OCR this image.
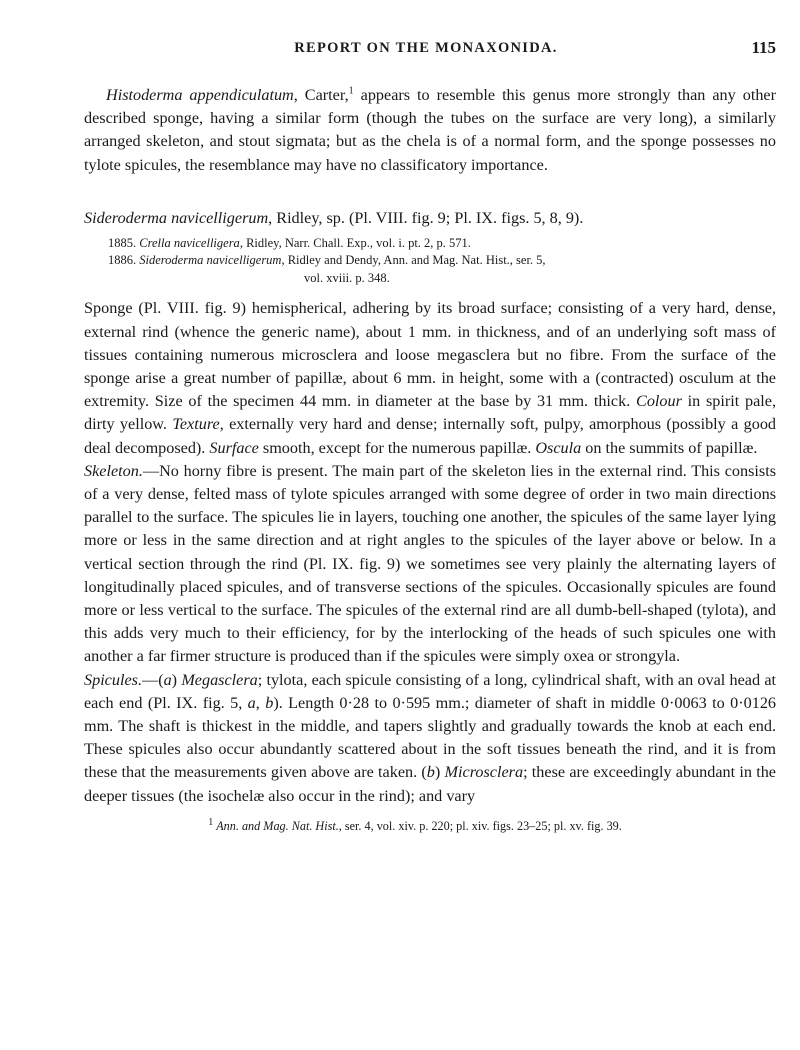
REPORT ON THE MONAXONIDA.	115

Histoderma appendiculatum, Carter,$^1$ appears to resemble this genus more strongly than any other described sponge, having a similar form (though the tubes on the surface are very long), a similarly arranged skeleton, and stout sigmata; but as the chela is of a normal form, and the sponge possesses no tylote spicules, the resemblance may have no classificatory importance.

Sideroderma navicelligerum, Ridley, sp. (Pl. VIII. fig. 9; Pl. IX. figs. 5, 8, 9).

1885. Crella navicelligera, Ridley, Narr. Chall. Exp., vol. i. pt. 2, p. 571.
1886. Sideroderma navicelligerum, Ridley and Dendy, Ann. and Mag. Nat. Hist., ser. 5,
vol. xviii. p. 348.

Sponge (Pl. VIII. fig. 9) hemispherical, adhering by its broad surface; consisting of a very hard, dense, external rind (whence the generic name), about 1 mm. in thickness, and of an underlying soft mass of tissues containing numerous microsclera and loose megasclera but no fibre. From the surface of the sponge arise a great number of papillæ, about 6 mm. in height, some with a (contracted) osculum at the extremity. Size of the specimen 44 mm. in diameter at the base by 31 mm. thick. Colour in spirit pale, dirty yellow. Texture, externally very hard and dense; internally soft, pulpy, amorphous (possibly a good deal decomposed). Surface smooth, except for the numerous papillæ. Oscula on the summits of papillæ.

Skeleton.—No horny fibre is present. The main part of the skeleton lies in the external rind. This consists of a very dense, felted mass of tylote spicules arranged with some degree of order in two main directions parallel to the surface. The spicules lie in layers, touching one another, the spicules of the same layer lying more or less in the same direction and at right angles to the spicules of the layer above or below. In a vertical section through the rind (Pl. IX. fig. 9) we sometimes see very plainly the alternating layers of longitudinally placed spicules, and of transverse sections of the spicules. Occasionally spicules are found more or less vertical to the surface. The spicules of the external rind are all dumb-bell-shaped (tylota), and this adds very much to their efficiency, for by the interlocking of the heads of such spicules one with another a far firmer structure is produced than if the spicules were simply oxea or strongyla.

Spicules.—(a) Megasclera; tylota, each spicule consisting of a long, cylindrical shaft, with an oval head at each end (Pl. IX. fig. 5, a, b). Length 0·28 to 0·595 mm.; diameter of shaft in middle 0·0063 to 0·0126 mm. The shaft is thickest in the middle, and tapers slightly and gradually towards the knob at each end. These spicules also occur abundantly scattered about in the soft tissues beneath the rind, and it is from these that the measurements given above are taken. (b) Microsclera; these are exceedingly abundant in the deeper tissues (the isochelæ also occur in the rind); and vary

$^1$ Ann. and Mag. Nat. Hist., ser. 4, vol. xiv. p. 220; pl. xiv. figs. 23–25; pl. xv. fig. 39.
